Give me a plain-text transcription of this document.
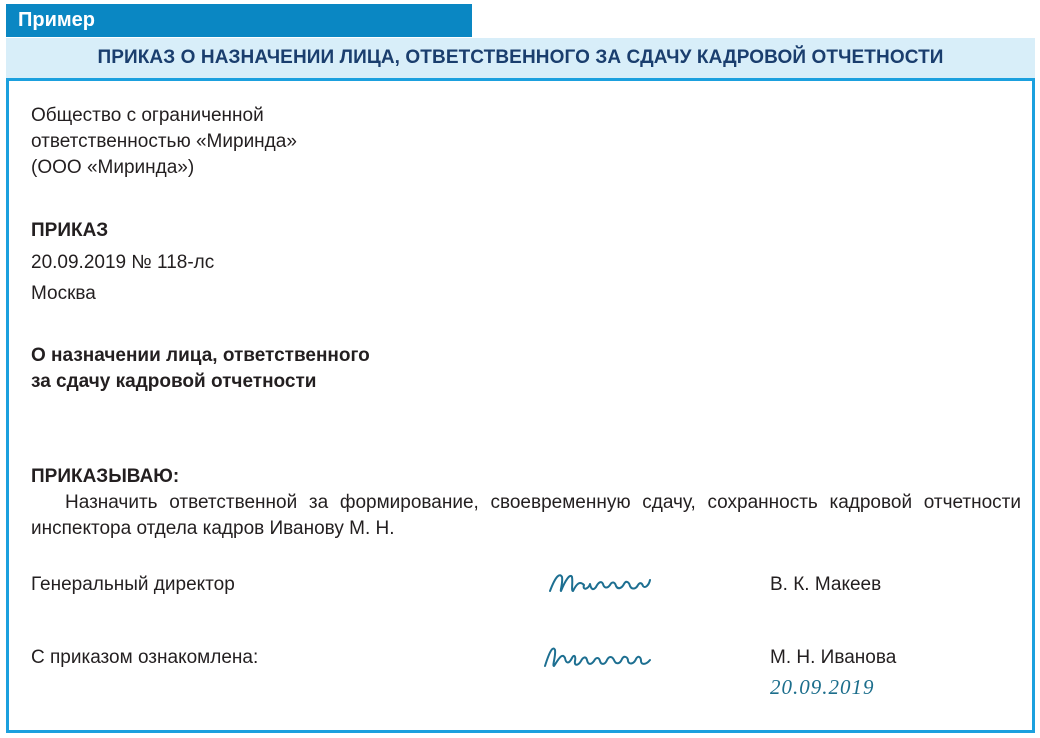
Пример
ПРИКАЗ О НАЗНАЧЕНИИ ЛИЦА, ОТВЕТСТВЕННОГО ЗА СДАЧУ КАДРОВОЙ ОТЧЕТНОСТИ
Общество с ограниченной
ответственностью «Миринда»
(ООО «Миринда»)
ПРИКАЗ
20.09.2019 № 118-лс
Москва
О назначении лица, ответственного
за сдачу кадровой отчетности
ПРИКАЗЫВАЮ:
Назначить ответственной за формирование, своевременную сдачу, сохранность кадровой отчетности инспектора отдела кадров Иванову М. Н.
Генеральный директор	В. К. Макеев
С приказом ознакомлена:	М. Н. Иванова
20.09.2019
